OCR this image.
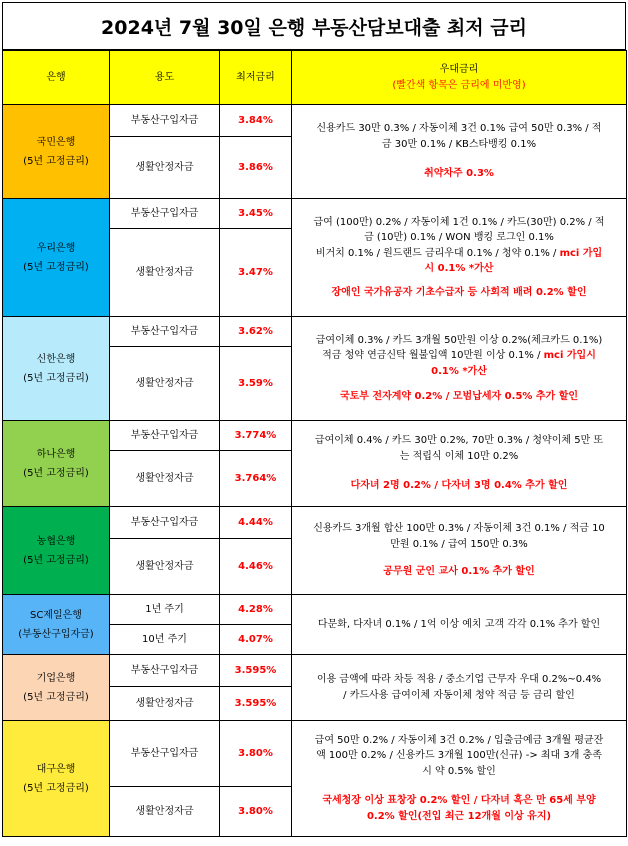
2024년 7월 30일 은행 부동산담보대출 최저 금리
은행	용도	최저금리	우대금리
(빨간색 항목은 금리에 미반영)

국민은행
(5년 고정금리)	부동산구입자금	3.84%	신용카드 30만 0.3% / 자동이체 3건 0.1% 급여 50만 0.3% / 적
금 30만 0.1% / KB스타뱅킹 0.1%
취약차주 0.3%

	생활안정자금	3.86%	
우리은행
(5년 고정금리)	부동산구입자금	3.45%	급여 (100만) 0.2% / 자동이체 1건 0.1% / 카드(30만) 0.2% / 적
금 (10만) 0.1% / WON 뱅킹 로그인 0.1%
비거치 0.1% / 원드랜드 금리우대 0.1% / 청약 0.1% / mci 가입
시 0.1% *가산
장애인 국가유공자 기초수급자 등 사회적 배려 0.2% 할인

	생활안정자금	3.47%	
신한은행
(5년 고정금리)	부동산구입자금	3.62%	급여이체 0.3% / 카드 3개월 50만원 이상 0.2%(체크카드 0.1%)
적금 청약 연금신탁 월불입액 10만원 이상 0.1% / mci 가입시
0.1% *가산
국토부 전자계약 0.2% / 모범납세자 0.5% 추가 할인

	생활안정자금	3.59%	
하나은행
(5년 고정금리)	부동산구입자금	3.774%	급여이체 0.4% / 카드 30만 0.2%, 70만 0.3% / 청약이체 5만 또
는 적립식 이체 10만 0.2%
다자녀 2명 0.2% / 다자녀 3명 0.4% 추가 할인

	생활안정자금	3.764%	
농협은행
(5년 고정금리)	부동산구입자금	4.44%	신용카드 3개월 합산 100만 0.3% / 자동이체 3건 0.1% / 적금 10
만원 0.1% / 급여 150만 0.3%
공무원 군인 교사 0.1% 추가 할인

	생활안정자금	4.46%	
SC제일은행
(부동산구입자금)	1년 주기	4.28%	다문화, 다자녀 0.1% / 1억 이상 예치 고객 각각 0.1% 추가 할인

	10년 주기	4.07%	
기업은행
(5년 고정금리)	부동산구입자금	3.595%	이용 금액에 따라 차등 적용 / 중소기업 근무자 우대 0.2%~0.4%
/ 카드사용 급여이체 자동이체 청약 적금 등 금리 할인

	생활안정자금	3.595%	
대구은행
(5년 고정금리)	부동산구입자금	3.80%	급여 50만 0.2% / 자동이체 3건 0.2% / 입출금예금 3개월 평균잔
액 100만 0.2% / 신용카드 3개월 100만(신규) -> 최대 3개 충족
시 약 0.5% 할인
국세청장 이상 표창장 0.2% 할인 / 다자녀 혹은 만 65세 부양
0.2% 할인(전입 최근 12개월 이상 유지)

	생활안정자금	3.80%	
